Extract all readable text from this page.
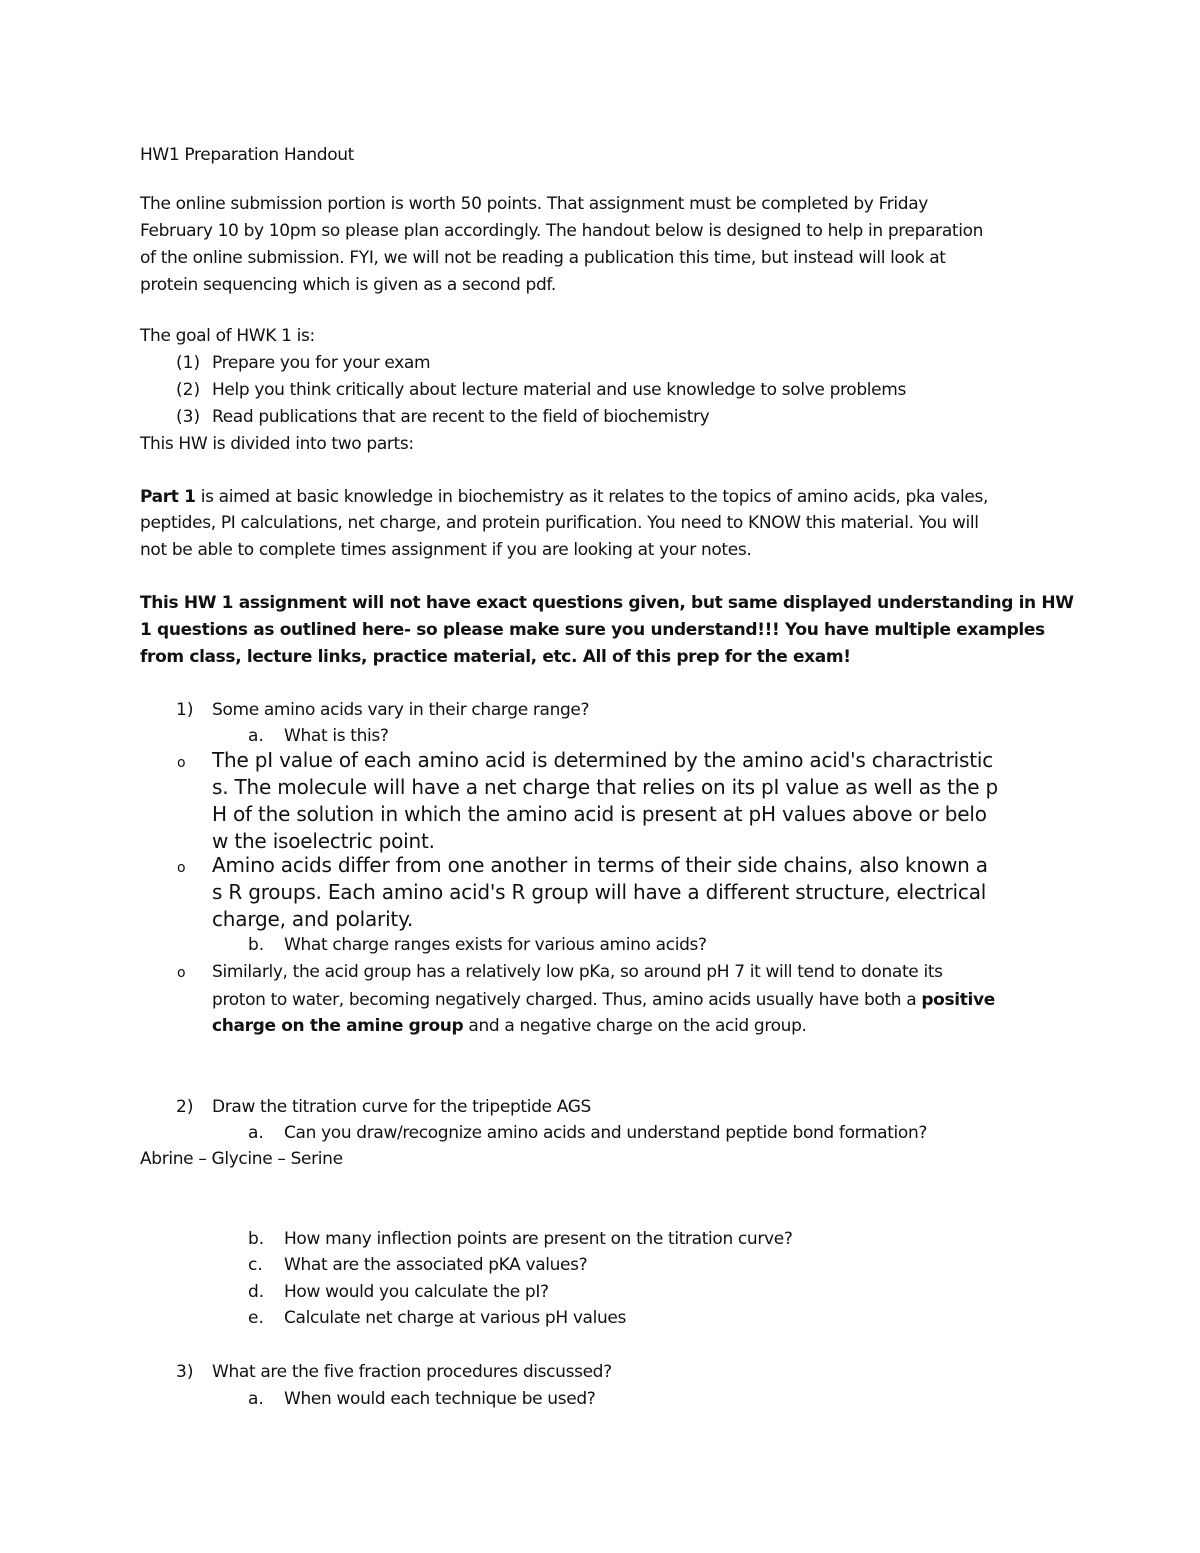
HW1 Preparation Handout
The online submission portion is worth 50 points. That assignment must be completed by Friday
February 10 by 10pm so please plan accordingly. The handout below is designed to help in preparation
of the online submission. FYI, we will not be reading a publication this time, but instead will look at
protein sequencing which is given as a second pdf.
The goal of HWK 1 is:
(1) Prepare you for your exam
(2) Help you think critically about lecture material and use knowledge to solve problems
(3) Read publications that are recent to the field of biochemistry
This HW is divided into two parts:
Part 1 is aimed at basic knowledge in biochemistry as it relates to the topics of amino acids, pka vales,
peptides, PI calculations, net charge, and protein purification. You need to KNOW this material. You will
not be able to complete times assignment if you are looking at your notes.
This HW 1 assignment will not have exact questions given, but same displayed understanding in HW
1 questions as outlined here- so please make sure you understand!!! You have multiple examples
from class, lecture links, practice material, etc. All of this prep for the exam!
1) Some amino acids vary in their charge range?
a. What is this?
o The pI value of each amino acid is determined by the amino acid's charactristic
s. The molecule will have a net charge that relies on its pI value as well as the p
H of the solution in which the amino acid is present at pH values above or belo
w the isoelectric point.
o Amino acids differ from one another in terms of their side chains, also known a
s R groups. Each amino acid's R group will have a different structure, electrical
charge, and polarity.
b. What charge ranges exists for various amino acids?
o Similarly, the acid group has a relatively low pKa, so around pH 7 it will tend to donate its
proton to water, becoming negatively charged. Thus, amino acids usually have both a positive
charge on the amine group and a negative charge on the acid group.
2) Draw the titration curve for the tripeptide AGS
a. Can you draw/recognize amino acids and understand peptide bond formation?
Abrine – Glycine – Serine
b. How many inflection points are present on the titration curve?
c. What are the associated pKA values?
d. How would you calculate the pI?
e. Calculate net charge at various pH values
3) What are the five fraction procedures discussed?
a. When would each technique be used?
